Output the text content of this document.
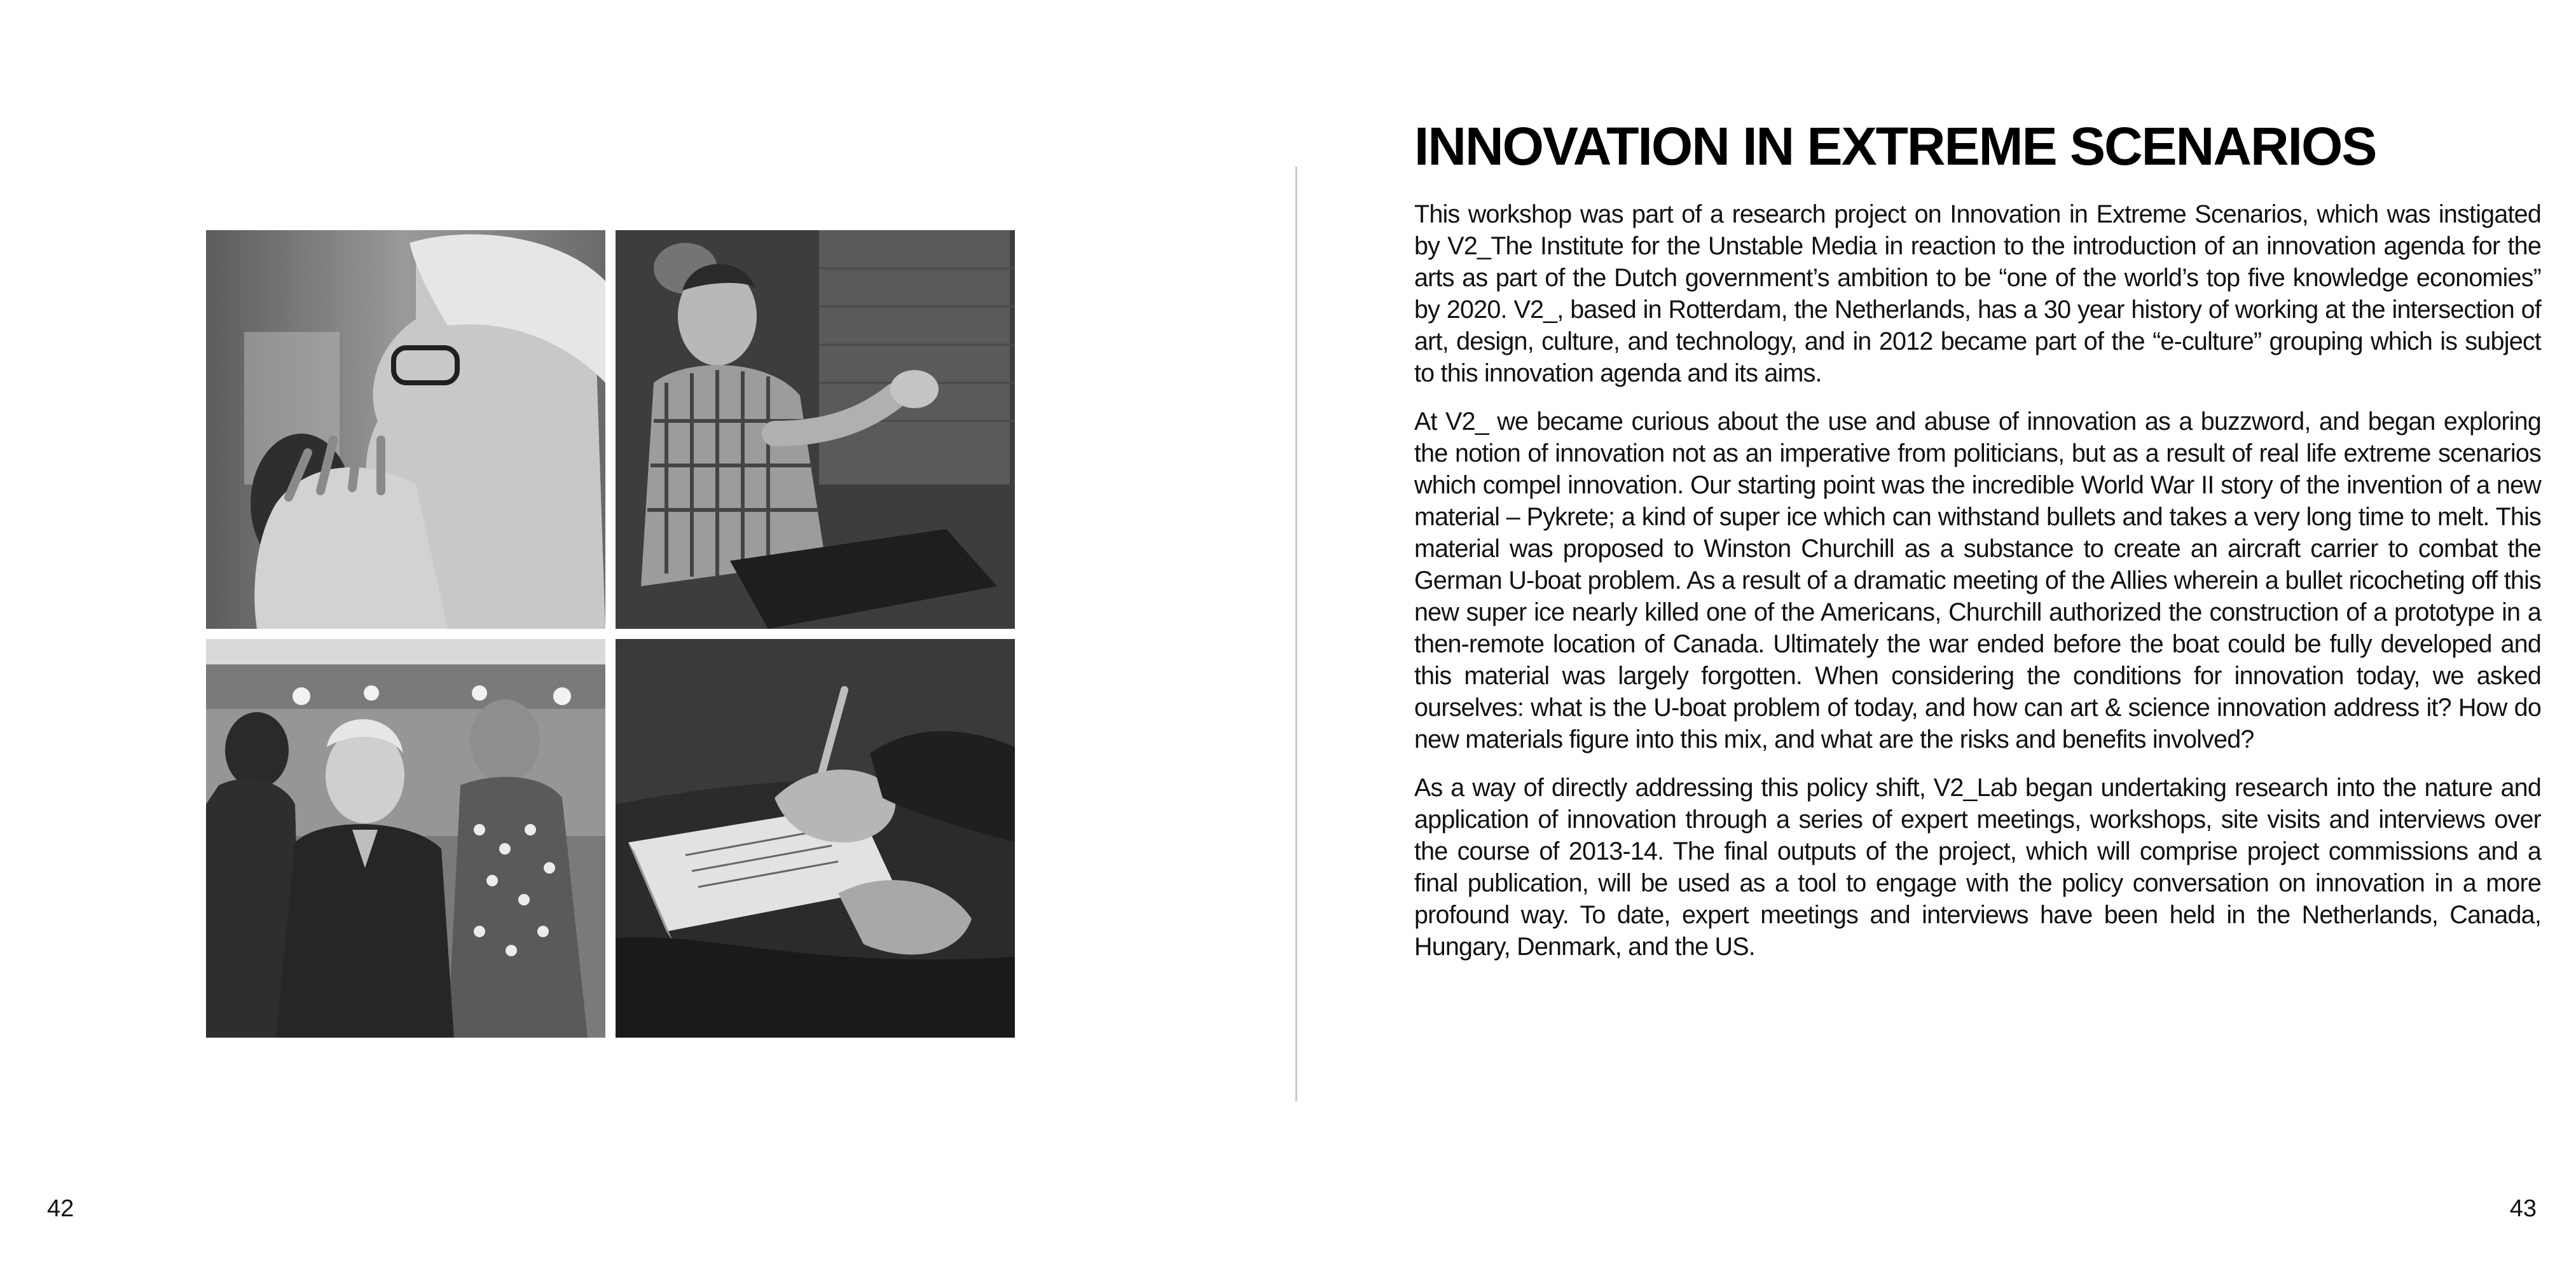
INNOVATION IN EXTREME SCENARIOS

This workshop was part of a research project on Innovation in Extreme Scenarios, which was instigated by V2_The Institute for the Unstable Media in reaction to the introduction of an innovation agenda for the arts as part of the Dutch government’s ambition to be “one of the world’s top five knowledge economies” by 2020. V2_, based in Rotterdam, the Netherlands, has a 30 year history of working at the intersection of art, design, culture, and technology, and in 2012 became part of the “e-culture” grouping which is subject to this innovation agenda and its aims.

At V2_ we became curious about the use and abuse of innovation as a buzzword, and began exploring the notion of innovation not as an imperative from politicians, but as a result of real life extreme scenarios which compel innovation. Our starting point was the incredible World War II story of the invention of a new material – Pykrete; a kind of super ice which can withstand bullets and takes a very long time to melt. This material was proposed to Winston Churchill as a substance to create an aircraft carrier to combat the German U-boat problem. As a result of a dramatic meeting of the Allies wherein a bullet ricocheting off this new super ice nearly killed one of the Americans, Churchill authorized the construction of a prototype in a then-remote location of Canada. Ultimately the war ended before the boat could be fully developed and this material was largely forgotten. When considering the conditions for innovation today, we asked ourselves: what is the U-boat problem of today, and how can art & science innovation address it? How do new materials figure into this mix, and what are the risks and benefits involved?

As a way of directly addressing this policy shift, V2_Lab began undertaking research into the nature and application of innovation through a series of expert meetings, workshops, site visits and interviews over the course of 2013-14. The final outputs of the project, which will comprise project commissions and a final publication, will be used as a tool to engage with the policy conversation on innovation in a more profound way. To date, expert meetings and interviews have been held in the Netherlands, Canada, Hungary, Denmark, and the US.

42	43
